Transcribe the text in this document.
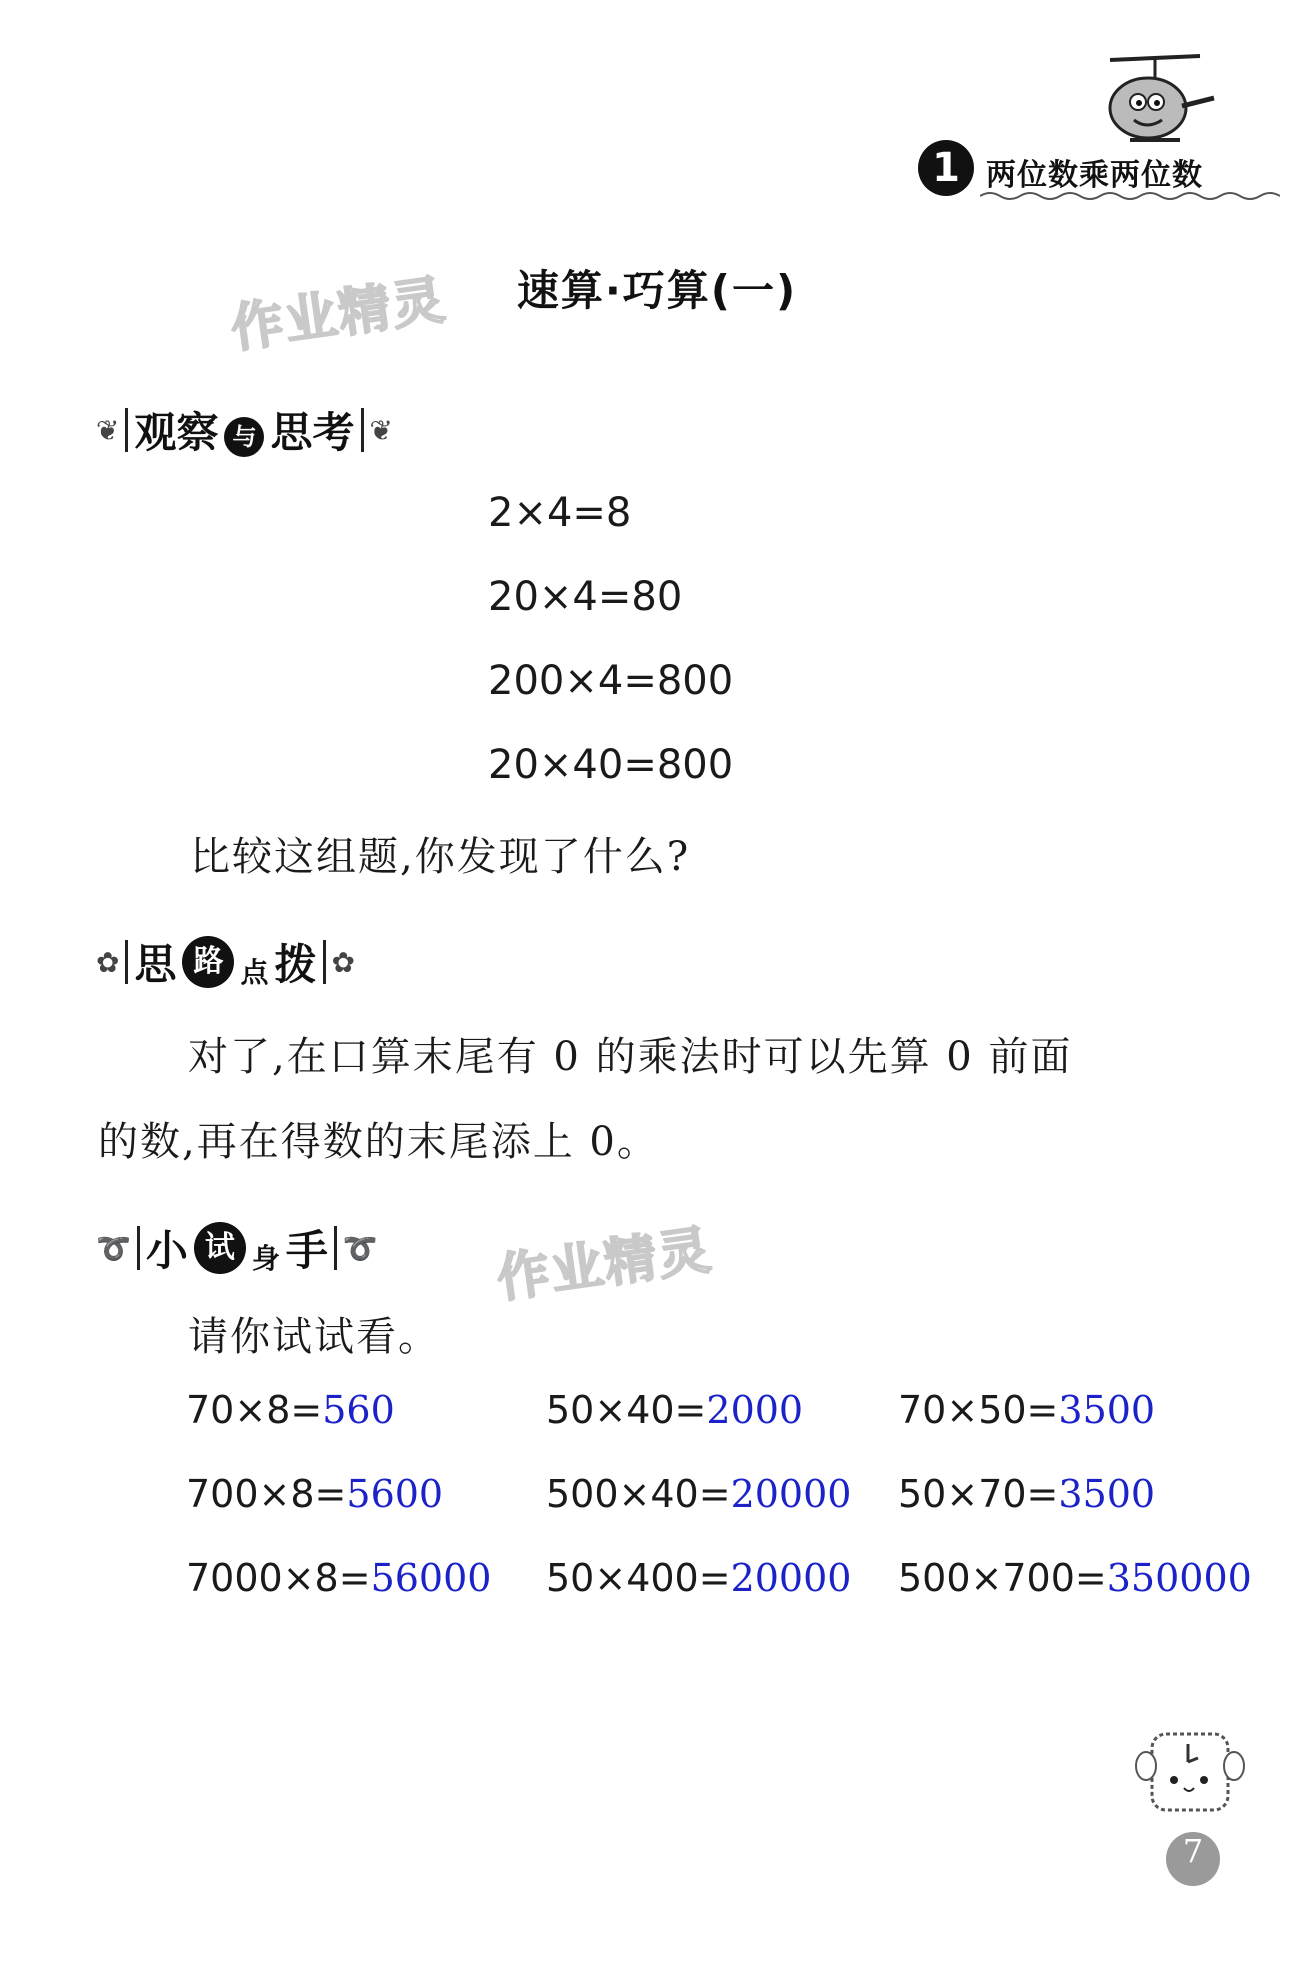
1 两位数乘两位数
作业精灵	速算·巧算(一)
❦ 观察 与 思考 ❦
2×4=8
20×4=80
200×4=800
20×40=800
比较这组题,你发现了什么?
✿ 思 路 点 拨 ✿
对了,在口算末尾有 0 的乘法时可以先算 0 前面
的数,再在得数的末尾添上 0。
➰ 小 试 身 手 ➰ 作业精灵
请你试试看。
70×8=560	50×40=2000 70×50=3500
700×8=5600	500×40=20000 50×70=3500
7000×8=56000 50×400=20000 500×700=350000
7
